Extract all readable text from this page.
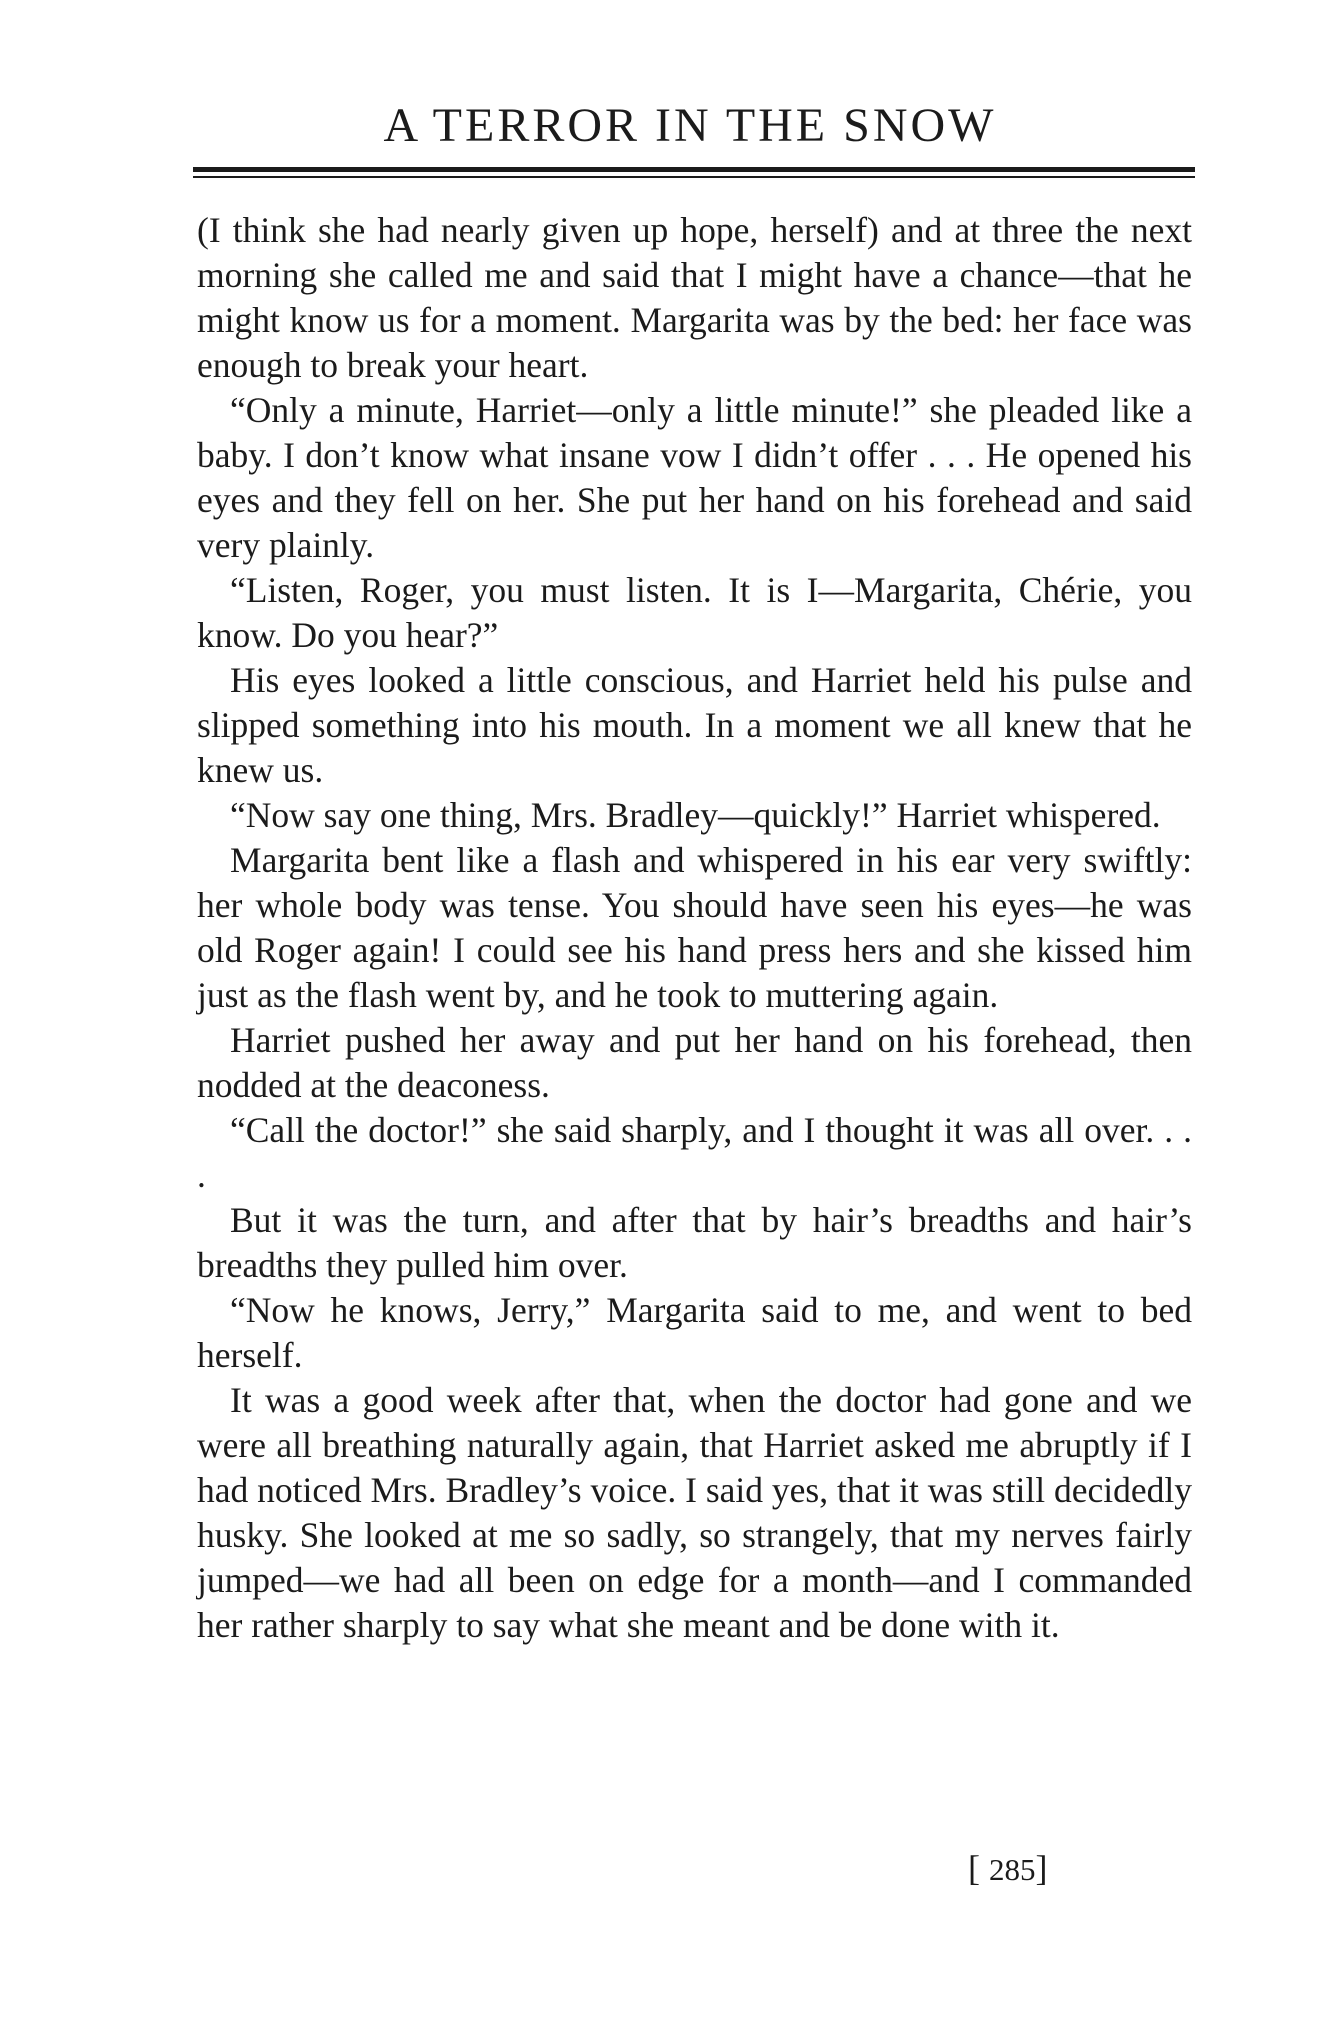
A TERROR IN THE SNOW

(I think she had nearly given up hope, herself) and at three the next morning she called me and said that I might have a chance—that he might know us for a moment. Margarita was by the bed: her face was enough to break your heart.

“Only a minute, Harriet—only a little minute!” she pleaded like a baby. I don’t know what insane vow I didn’t offer . . . He opened his eyes and they fell on her. She put her hand on his forehead and said very plainly.

“Listen, Roger, you must listen. It is I—Margarita, Chérie, you know. Do you hear?”

His eyes looked a little conscious, and Harriet held his pulse and slipped something into his mouth. In a moment we all knew that he knew us.

“Now say one thing, Mrs. Bradley—quickly!” Harriet whispered.

Margarita bent like a flash and whispered in his ear very swiftly: her whole body was tense. You should have seen his eyes—he was old Roger again! I could see his hand press hers and she kissed him just as the flash went by, and he took to muttering again.

Harriet pushed her away and put her hand on his forehead, then nodded at the deaconess.

“Call the doctor!” she said sharply, and I thought it was all over. . . .

But it was the turn, and after that by hair’s breadths and hair’s breadths they pulled him over.

“Now he knows, Jerry,” Margarita said to me, and went to bed herself.

It was a good week after that, when the doctor had gone and we were all breathing naturally again, that Harriet asked me abruptly if I had noticed Mrs. Bradley’s voice. I said yes, that it was still decidedly husky. She looked at me so sadly, so strangely, that my nerves fairly jumped—we had all been on edge for a month—and I commanded her rather sharply to say what she meant and be done with it.

[ 285]
